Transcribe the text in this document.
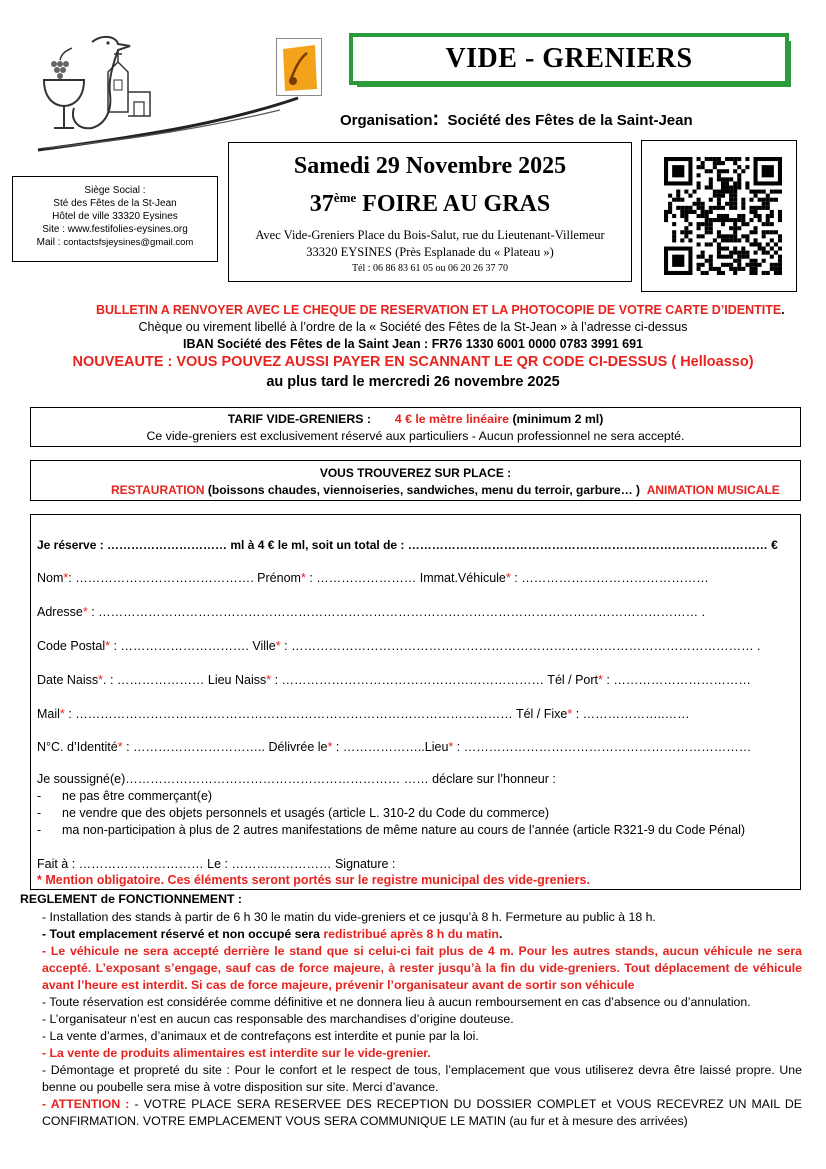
VIDE - GRENIERS
Organisation: Société des Fêtes de la Saint-Jean
Siège Social :
Sté des Fêtes de la St-Jean
Hôtel de ville 33320 Eysines
Site : www.festifolies-eysines.org
Mail : contactsfsjeysines@gmail.com
Samedi 29 Novembre 2025
37ème FOIRE AU GRAS
Avec Vide-Greniers Place du Bois-Salut, rue du Lieutenant-Villemeur
33320 EYSINES (Près Esplanade du « Plateau »)
Tél : 06 86 83 61 05 ou 06 20 26 37 70
BULLETIN A RENVOYER AVEC LE CHEQUE DE RESERVATION ET LA PHOTOCOPIE DE VOTRE CARTE D’IDENTITE.
Chèque ou virement libellé à l’ordre de la « Société des Fêtes de la St-Jean » à l’adresse ci-dessus
IBAN Société des Fêtes de la Saint Jean : FR76 1330 6001 0000 0783 3991 691
NOUVEAUTE : VOUS POUVEZ AUSSI PAYER EN SCANNANT LE QR CODE CI-DESSUS ( Helloasso)
au plus tard le mercredi 26 novembre 2025
TARIF VIDE-GRENIERS : 4 € le mètre linéaire (minimum 2 ml)
Ce vide-greniers est exclusivement réservé aux particuliers - Aucun professionnel ne sera accepté.
VOUS TROUVEREZ SUR PLACE :
RESTAURATION (boissons chaudes, viennoiseries, sandwiches, menu du terroir, garbure… ) ANIMATION MUSICALE
Je réserve : ………………………… ml à 4 € le ml, soit un total de : ……………………………………………………………………………… €
Nom*: ……………………………………. Prénom* : …………………… Immat.Véhicule* : ………………………………………
Adresse* : ……………………………………………………………………………………………………………………………… .
Code Postal* : …………………………. Ville* : ………………………………………………………………………………………………… .
Date Naiss*. : ………………… Lieu Naiss* : ……………………………………………………… Tél / Port* : ……………………………
Mail* : …………………………………………………………………………………………… Tél / Fixe* : ………………..……
N°C. d’Identité* : ………………………….. Délivrée le* : ………………..Lieu* : ……………………………………………………………
Je soussigné(e)………………………………………………………… …… déclare sur l’honneur :
- ne pas être commerçant(e)
- ne vendre que des objets personnels et usagés (article L. 310-2 du Code du commerce)
- ma non-participation à plus de 2 autres manifestations de même nature au cours de l’année (article R321-9 du Code Pénal)
Fait à : ………………………… Le : …………………… Signature :
* Mention obligatoire. Ces éléments seront portés sur le registre municipal des vide-greniers.
REGLEMENT de FONCTIONNEMENT :
- Installation des stands à partir de 6 h 30 le matin du vide-greniers et ce jusqu’à 8 h. Fermeture au public à 18 h.
- Tout emplacement réservé et non occupé sera redistribué après 8 h du matin.
- Le véhicule ne sera accepté derrière le stand que si celui-ci fait plus de 4 m. Pour les autres stands, aucun véhicule ne sera accepté. L’exposant s’engage, sauf cas de force majeure, à rester jusqu’à la fin du vide-greniers. Tout déplacement de véhicule avant l’heure est interdit. Si cas de force majeure, prévenir l’organisateur avant de sortir son véhicule
- Toute réservation est considérée comme définitive et ne donnera lieu à aucun remboursement en cas d’absence ou d’annulation.
- L’organisateur n’est en aucun cas responsable des marchandises d’origine douteuse.
- La vente d’armes, d’animaux et de contrefaçons est interdite et punie par la loi.
- La vente de produits alimentaires est interdite sur le vide-grenier.
- Démontage et propreté du site : Pour le confort et le respect de tous, l’emplacement que vous utiliserez devra être laissé propre. Une benne ou poubelle sera mise à votre disposition sur site. Merci d’avance.
- ATTENTION : - VOTRE PLACE SERA RESERVEE DES RECEPTION DU DOSSIER COMPLET et VOUS RECEVREZ UN MAIL DE CONFIRMATION. VOTRE EMPLACEMENT VOUS SERA COMMUNIQUE LE MATIN (au fur et à mesure des arrivées)
